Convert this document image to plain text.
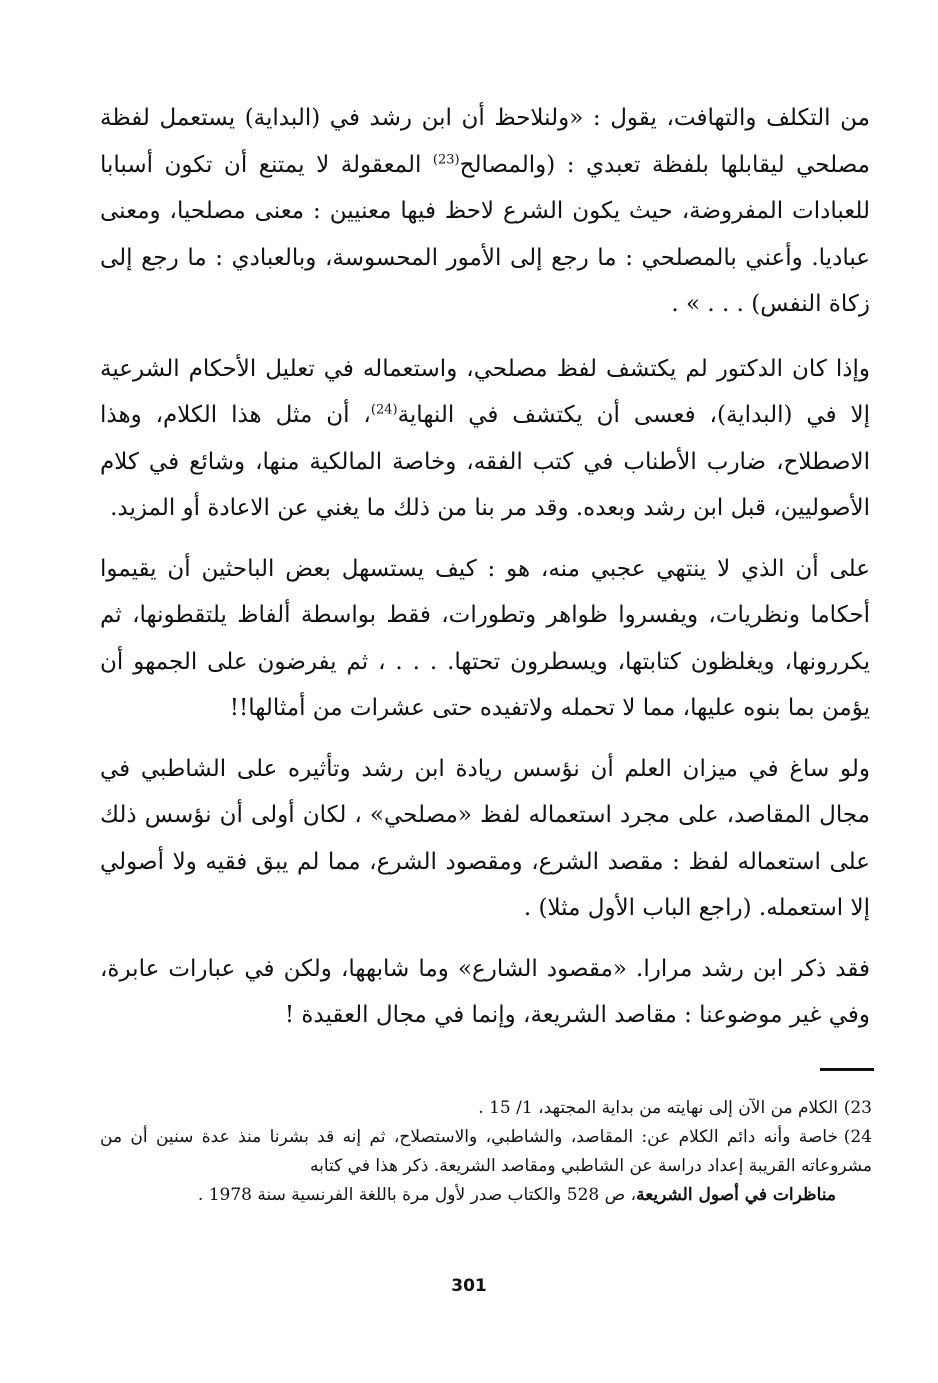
من التكلف والتهافت، يقول : «ولنلاحظ أن ابن رشد في (البداية) يستعمل لفظة مصلحي ليقابلها بلفظة تعبدي : (والمصالح$^{(23)}$ المعقولة لا يمتنع أن تكون أسبابا للعبادات المفروضة، حيث يكون الشرع لاحظ فيها معنيين : معنى مصلحيا، ومعنى عباديا. وأعني بالمصلحي : ما رجع إلى الأمور المحسوسة، وبالعبادي : ما رجع إلى زكاة النفس) . . . » .

وإذا كان الدكتور لم يكتشف لفظ مصلحي، واستعماله في تعليل الأحكام الشرعية إلا في (البداية)، فعسى أن يكتشف في النهاية$^{(24)}$، أن مثل هذا الكلام، وهذا الاصطلاح، ضارب الأطناب في كتب الفقه، وخاصة المالكية منها، وشائع في كلام الأصوليين، قبل ابن رشد وبعده. وقد مر بنا من ذلك ما يغني عن الاعادة أو المزيد.

على أن الذي لا ينتهي عجبي منه، هو : كيف يستسهل بعض الباحثين أن يقيموا أحكاما ونظريات، ويفسروا ظواهر وتطورات، فقط بواسطة ألفاظ يلتقطونها، ثم يكررونها، ويغلظون كتابتها، ويسطرون تحتها. . . . ، ثم يفرضون على الجمهو أن يؤمن بما بنوه عليها، مما لا تحمله ولاتفيده حتى عشرات من أمثالها!!

ولو ساغ في ميزان العلم أن نؤسس ريادة ابن رشد وتأثيره على الشاطبي في مجال المقاصد، على مجرد استعماله لفظ «مصلحي» ، لكان أولى أن نؤسس ذلك على استعماله لفظ : مقصد الشرع، ومقصود الشرع، مما لم يبق فقيه ولا أصولي إلا استعمله. (راجع الباب الأول مثلا) .

فقد ذكر ابن رشد مرارا. «مقصود الشارع» وما شابهها، ولكن في عبارات عابرة، وفي غير موضوعنا : مقاصد الشريعة، وإنما في مجال العقيدة !

23)الكلام من الآن إلى نهايته من بداية المجتهد، 1/ 15 .

24)خاصة وأنه دائم الكلام عن: المقاصد، والشاطبي، والاستصلاح، ثم إنه قد بشرنا منذ عدة سنين أن من مشروعاته القريبة إعداد دراسة عن الشاطبي ومقاصد الشريعة. ذكر هذا في كتابه
مناظرات في أصول الشريعة، ص 528 والكتاب صدر لأول مرة باللغة الفرنسية سنة 1978 .

301
